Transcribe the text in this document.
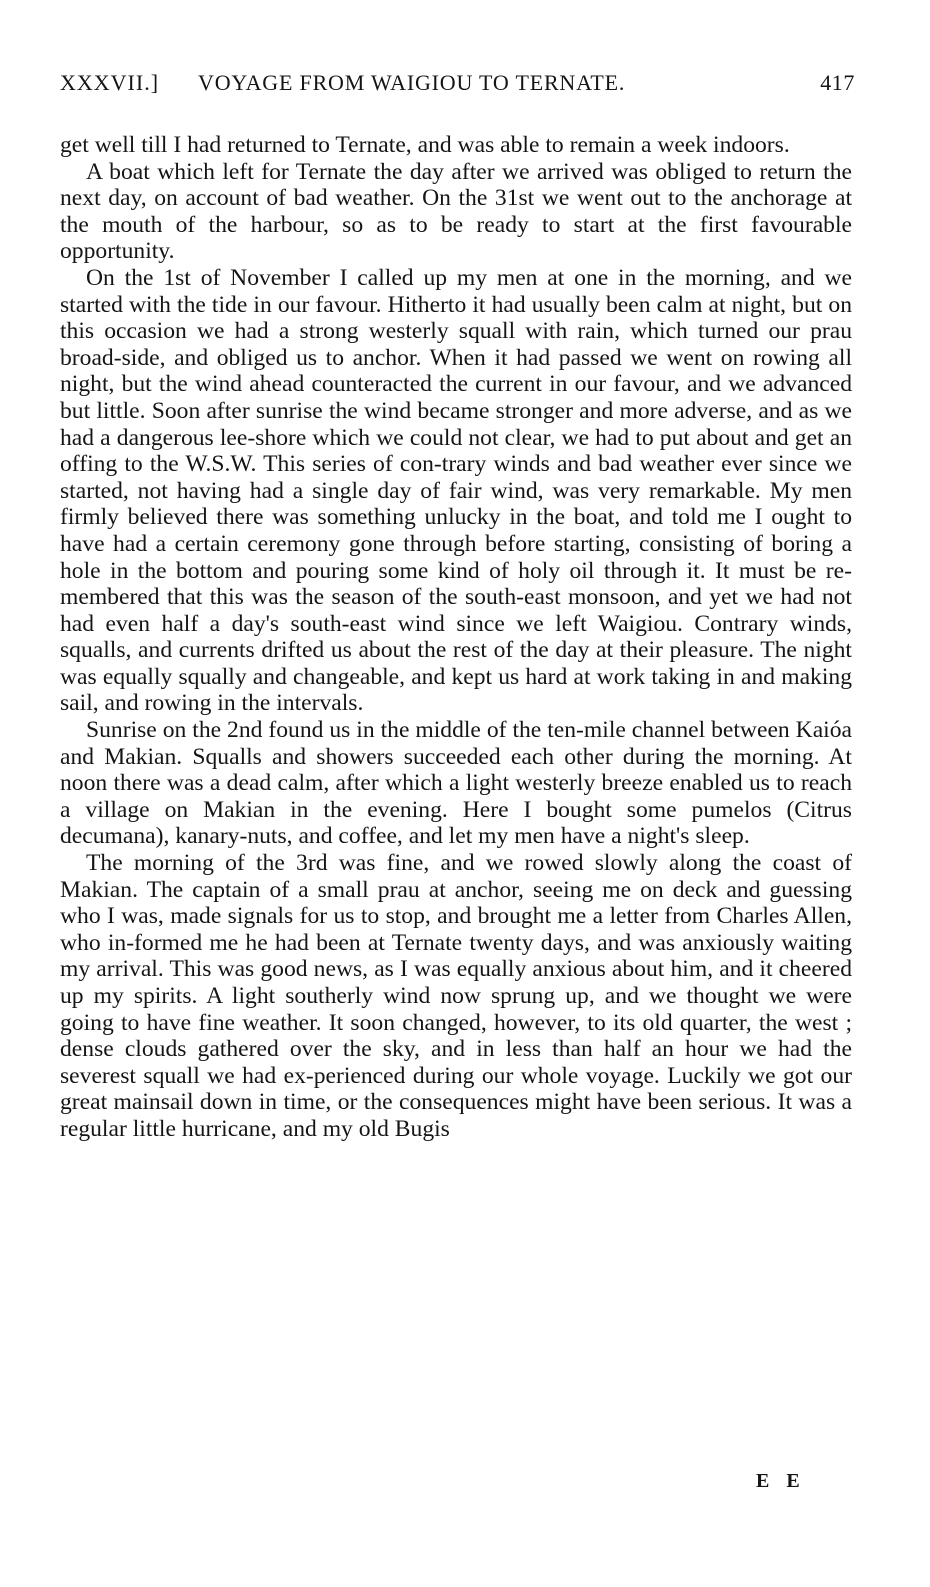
XXXVII.] VOYAGE FROM WAIGIOU TO TERNATE.	417

get well till I had returned to Ternate, and was able to remain a week indoors.

A boat which left for Ternate the day after we arrived was obliged to return the next day, on account of bad weather. On the 31st we went out to the anchorage at the mouth of the harbour, so as to be ready to start at the first favourable opportunity.

On the 1st of November I called up my men at one in the morning, and we started with the tide in our favour. Hitherto it had usually been calm at night, but on this occasion we had a strong westerly squall with rain, which turned our prau broad-side, and obliged us to anchor. When it had passed we went on rowing all night, but the wind ahead counteracted the current in our favour, and we advanced but little. Soon after sunrise the wind became stronger and more adverse, and as we had a dangerous lee-shore which we could not clear, we had to put about and get an offing to the W.S.W. This series of con-trary winds and bad weather ever since we started, not having had a single day of fair wind, was very remarkable. My men firmly believed there was something unlucky in the boat, and told me I ought to have had a certain ceremony gone through before starting, consisting of boring a hole in the bottom and pouring some kind of holy oil through it. It must be re-membered that this was the season of the south-east monsoon, and yet we had not had even half a day's south-east wind since we left Waigiou. Contrary winds, squalls, and currents drifted us about the rest of the day at their pleasure. The night was equally squally and changeable, and kept us hard at work taking in and making sail, and rowing in the intervals.

Sunrise on the 2nd found us in the middle of the ten-mile channel between Kaióa and Makian. Squalls and showers succeeded each other during the morning. At noon there was a dead calm, after which a light westerly breeze enabled us to reach a village on Makian in the evening. Here I bought some pumelos (Citrus decumana), kanary-nuts, and coffee, and let my men have a night's sleep.

The morning of the 3rd was fine, and we rowed slowly along the coast of Makian. The captain of a small prau at anchor, seeing me on deck and guessing who I was, made signals for us to stop, and brought me a letter from Charles Allen, who in-formed me he had been at Ternate twenty days, and was anxiously waiting my arrival. This was good news, as I was equally anxious about him, and it cheered up my spirits. A light southerly wind now sprung up, and we thought we were going to have fine weather. It soon changed, however, to its old quarter, the west ; dense clouds gathered over the sky, and in less than half an hour we had the severest squall we had ex-perienced during our whole voyage. Luckily we got our great mainsail down in time, or the consequences might have been serious. It was a regular little hurricane, and my old Bugis

E E
